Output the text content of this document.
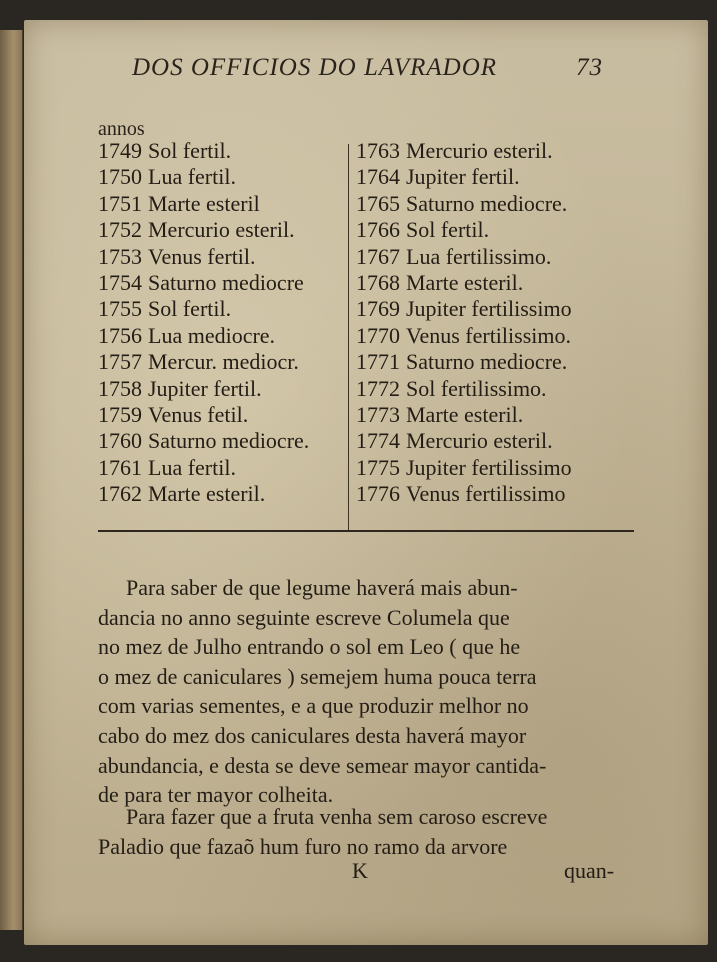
DOS OFFICIOS DO LAVRADOR	73
annos
1749 Sol fertil.
1750 Lua fertil.
1751 Marte esteril
1752 Mercurio esteril.
1753 Venus fertil.
1754 Saturno mediocre
1755 Sol fertil.
1756 Lua mediocre.
1757 Mercur. mediocr.
1758 Jupiter fertil.
1759 Venus fetil.
1760 Saturno mediocre.
1761 Lua fertil.
1762 Marte esteril.
1763 Mercurio esteril.
1764 Jupiter fertil.
1765 Saturno mediocre.
1766 Sol fertil.
1767 Lua fertilissimo.
1768 Marte esteril.
1769 Jupiter fertilissimo
1770 Venus fertilissimo.
1771 Saturno mediocre.
1772 Sol fertilissimo.
1773 Marte esteril.
1774 Mercurio esteril.
1775 Jupiter fertilissimo
1776 Venus fertilissimo
Para saber de que legume haverá mais abun-
dancia no anno seguinte escreve Columela que
no mez de Julho entrando o sol em Leo ( que he
o mez de caniculares ) semejem huma pouca terra
com varias sementes, e a que produzir melhor no
cabo do mez dos caniculares desta haverá mayor
abundancia, e desta se deve semear mayor cantida-
de para ter mayor colheita.
Para fazer que a fruta venha sem caroso escreve
Paladio que fazaõ hum furo no ramo da arvore
K	quan-
